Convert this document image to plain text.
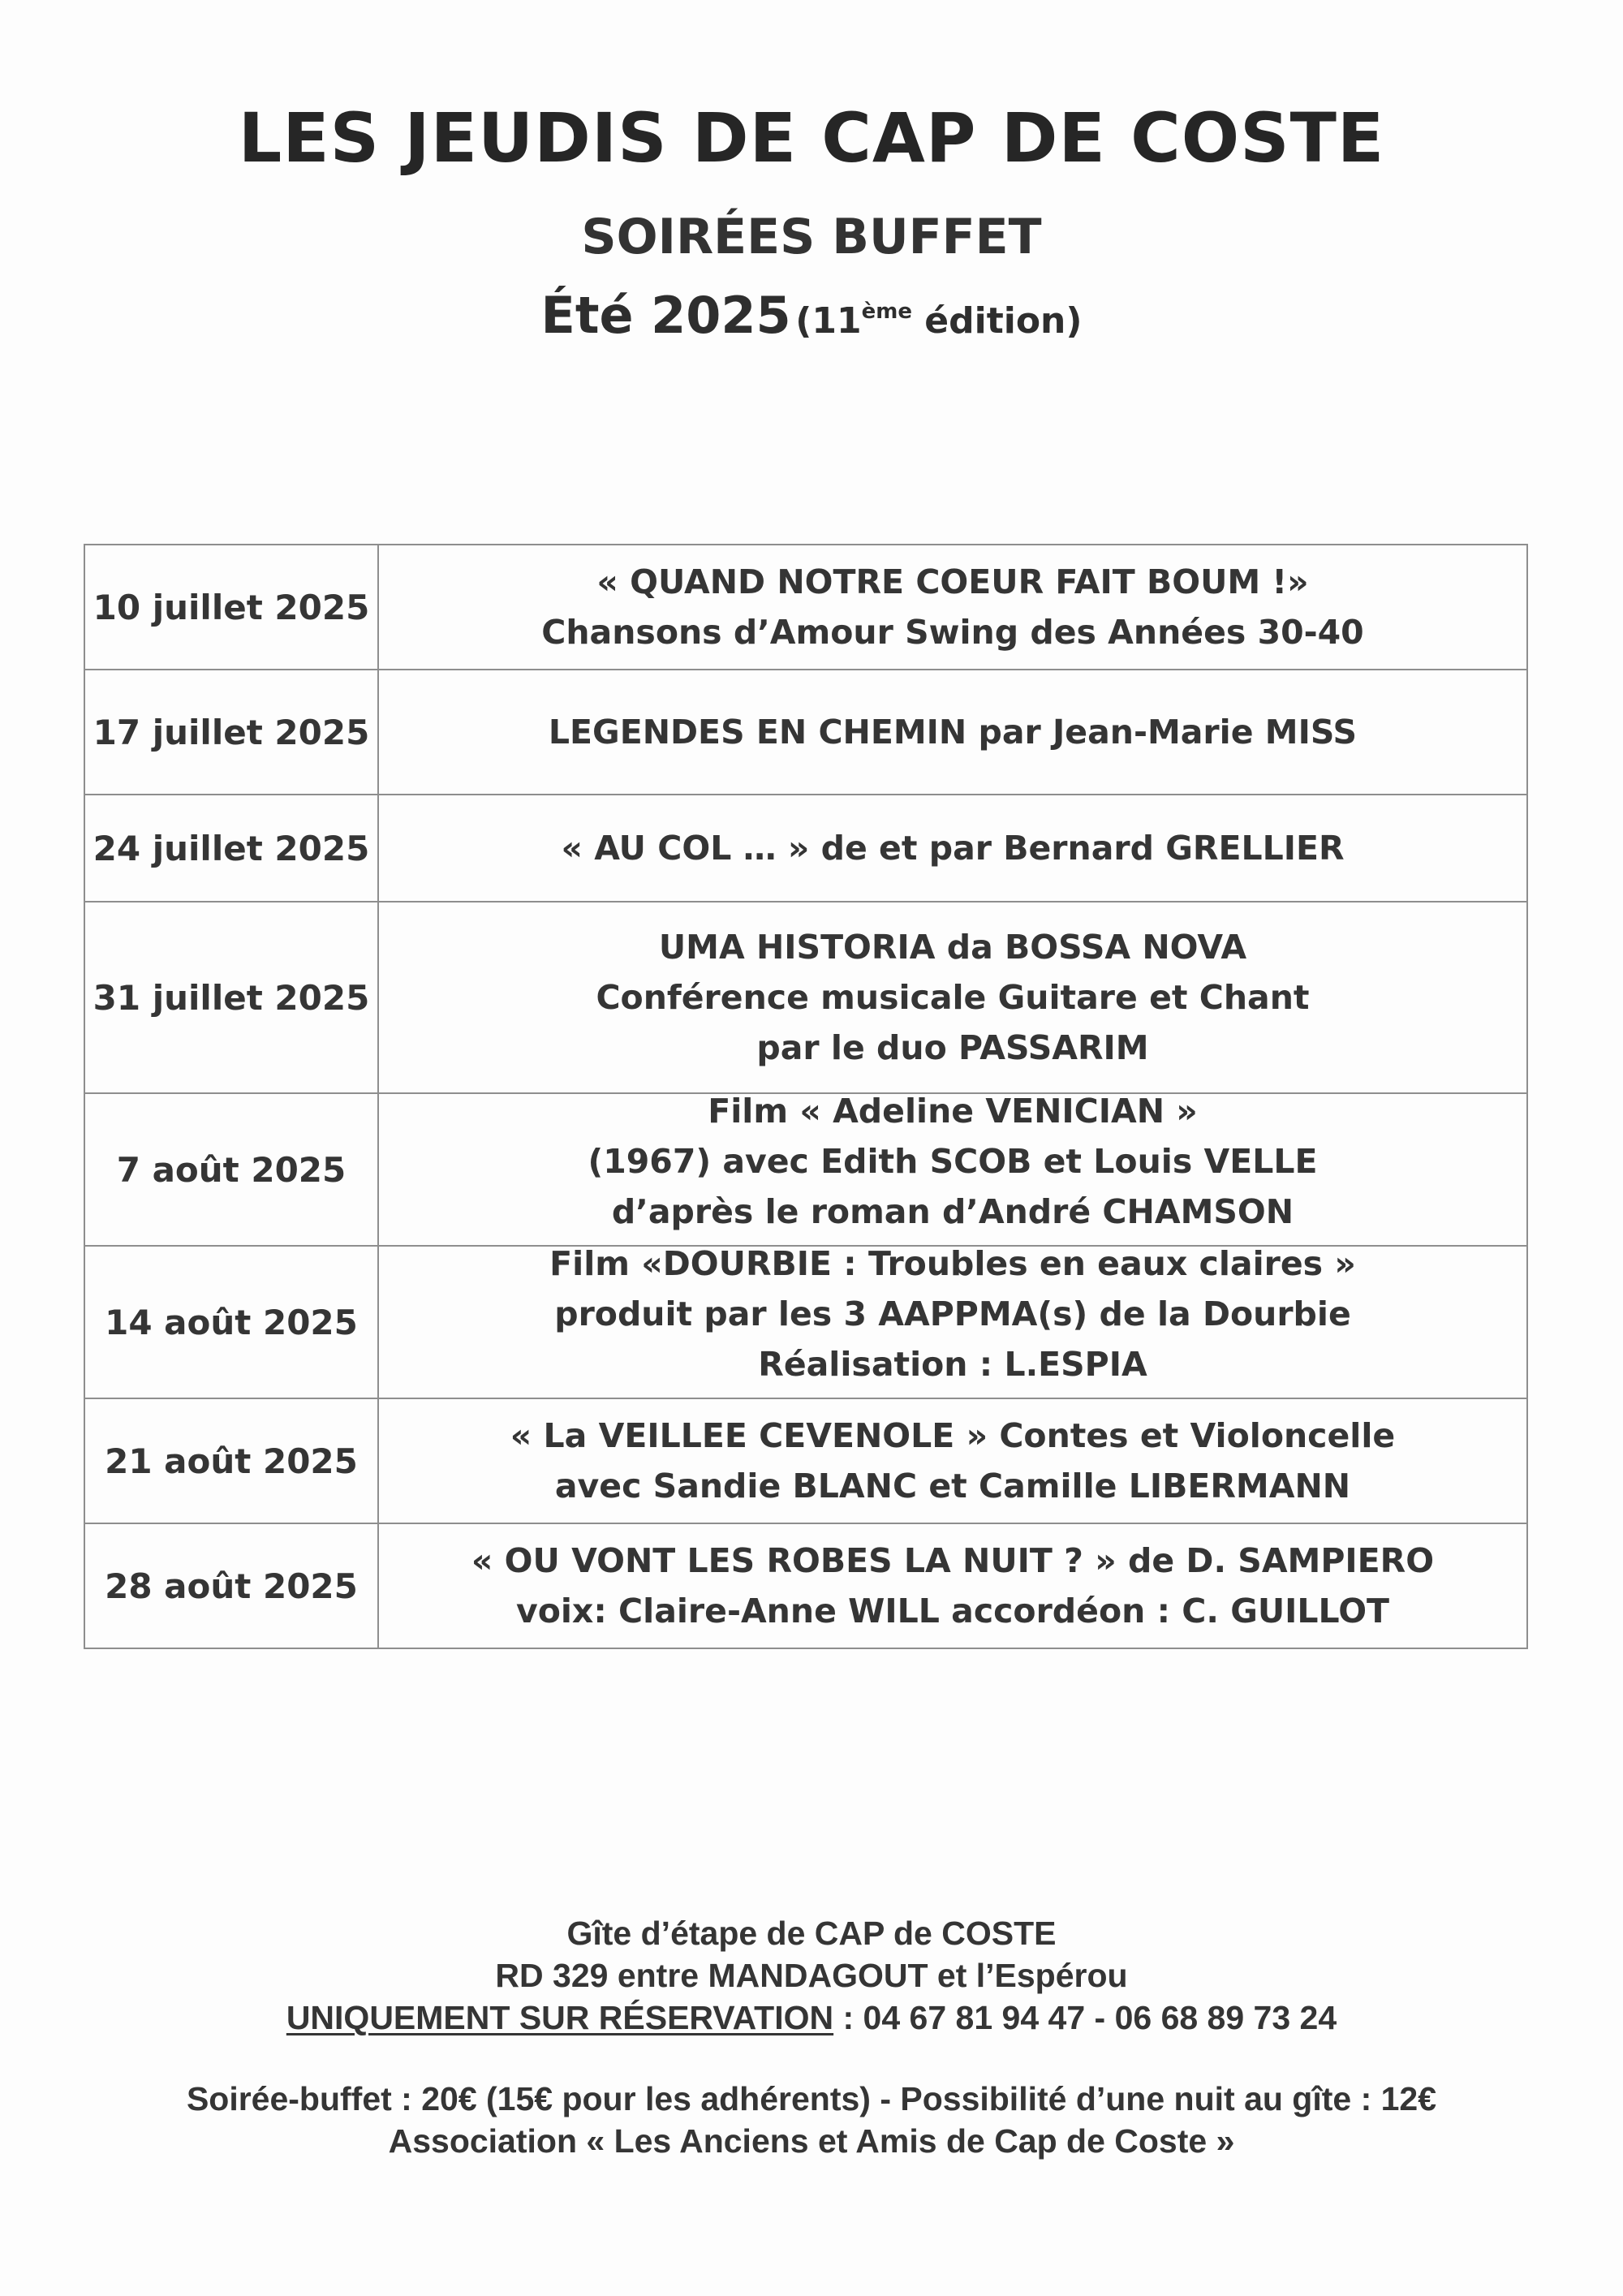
LES JEUDIS DE CAP DE COSTE
SOIRÉES BUFFET
Été 2025 (11ème édition)
10 juillet 2025	« QUAND NOTRE COEUR FAIT BOUM !»
Chansons d’Amour Swing des Années 30-40

17 juillet 2025	LEGENDES EN CHEMIN par Jean-Marie MISS

24 juillet 2025	« AU COL … » de et par Bernard GRELLIER

31 juillet 2025	UMA HISTORIA da BOSSA NOVA
Conférence musicale Guitare et Chant
par le duo PASSARIM

7 août 2025	Film « Adeline VENICIAN »
(1967) avec Edith SCOB et Louis VELLE
d’après le roman d’André CHAMSON

14 août 2025	Film «DOURBIE : Troubles en eaux claires »
produit par les 3 AAPPMA(s) de la Dourbie
Réalisation : L.ESPIA

21 août 2025	« La VEILLEE CEVENOLE » Contes et Violoncelle
avec Sandie BLANC et Camille LIBERMANN

28 août 2025	« OU VONT LES ROBES LA NUIT ? » de D. SAMPIERO
voix: Claire-Anne WILL accordéon : C. GUILLOT
Gîte d’étape de CAP de COSTE
RD 329 entre MANDAGOUT et l’Espérou
UNIQUEMENT SUR RÉSERVATION : 04 67 81 94 47 - 06 68 89 73 24
Soirée-buffet : 20€ (15€ pour les adhérents) - Possibilité d’une nuit au gîte : 12€
Association « Les Anciens et Amis de Cap de Coste »
